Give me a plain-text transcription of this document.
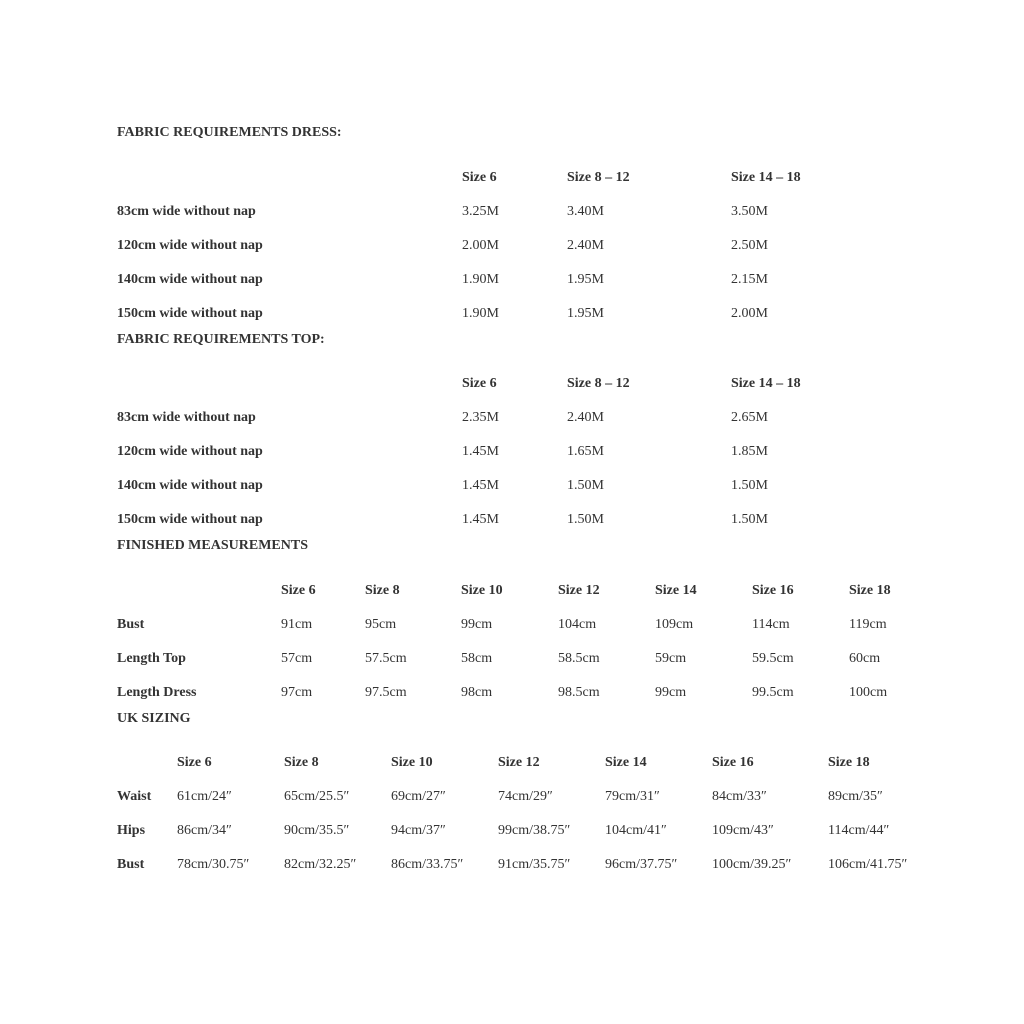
FABRIC REQUIREMENTS DRESS:
Size 6	Size 8 – 12	Size 14 – 18
83cm wide without nap	3.25M	3.40M	3.50M
120cm wide without nap	2.00M	2.40M	2.50M
140cm wide without nap	1.90M	1.95M	2.15M
150cm wide without nap	1.90M	1.95M	2.00M
FABRIC REQUIREMENTS TOP:
Size 6	Size 8 – 12	Size 14 – 18
83cm wide without nap	2.35M	2.40M	2.65M
120cm wide without nap	1.45M	1.65M	1.85M
140cm wide without nap	1.45M	1.50M	1.50M
150cm wide without nap	1.45M	1.50M	1.50M
FINISHED MEASUREMENTS
Size 6	Size 8	Size 10	Size 12	Size 14	Size 16	Size 18
Bust	91cm	95cm	99cm	104cm	109cm	114cm	119cm
Length Top	57cm	57.5cm	58cm	58.5cm	59cm	59.5cm	60cm
Length Dress	97cm	97.5cm	98cm	98.5cm	99cm	99.5cm	100cm
UK SIZING
Size 6	Size 8	Size 10	Size 12	Size 14	Size 16	Size 18
Waist 61cm/24″	65cm/25.5″	69cm/27″	74cm/29″	79cm/31″	84cm/33″	89cm/35″
Hips 86cm/34″	90cm/35.5″	94cm/37″	99cm/38.75″ 104cm/41″	109cm/43″	114cm/44″
Bust 78cm/30.75″ 82cm/32.25″ 86cm/33.75″ 91cm/35.75″ 96cm/37.75″ 100cm/39.25″	106cm/41.75″
